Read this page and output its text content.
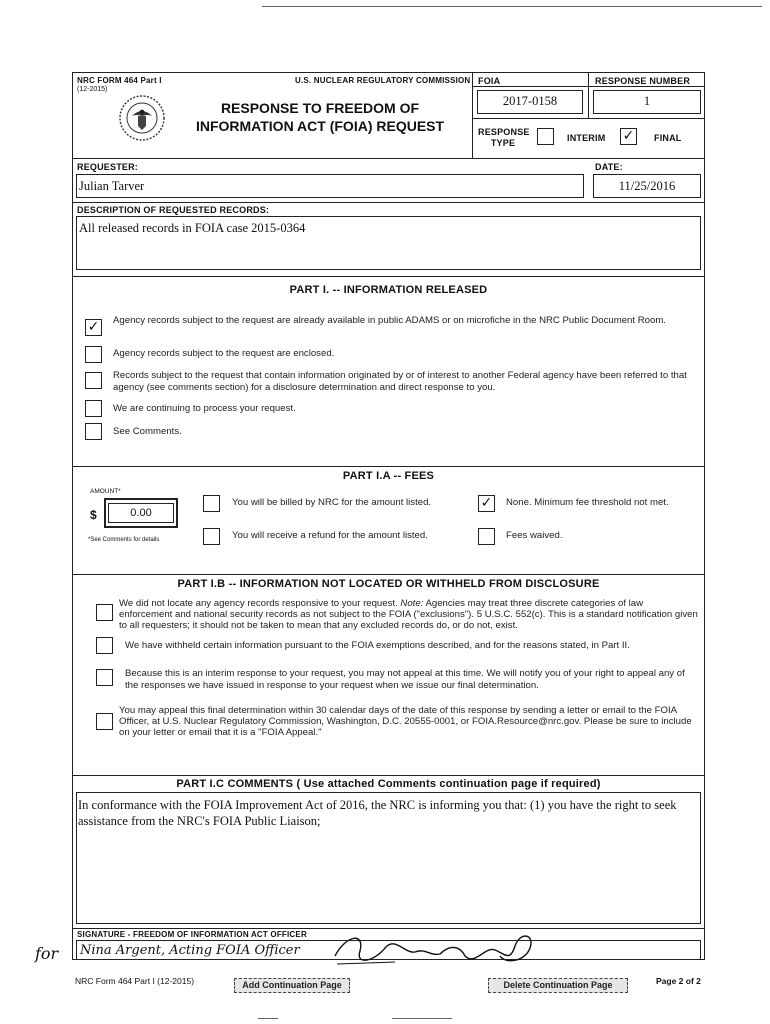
NRC FORM 464 Part I
(12-2015)
U.S. NUCLEAR REGULATORY COMMISSION
RESPONSE TO FREEDOM OF
INFORMATION ACT (FOIA) REQUEST
FOIA	RESPONSE NUMBER
2017-0158	1
RESPONSE
TYPE	INTERIM ✓ FINAL
REQUESTER:	DATE:
Julian Tarver	11/25/2016
DESCRIPTION OF REQUESTED RECORDS:
All released records in FOIA case 2015-0364
PART I. -- INFORMATION RELEASED
✓ Agency records subject to the request are already available in public ADAMS or on microfiche in the NRC Public Document Room.
Agency records subject to the request are enclosed.
Records subject to the request that contain information originated by or of interest to another Federal agency have been referred to that agency (see comments section) for a disclosure determination and direct response to you.
We are continuing to process your request.
See Comments.
PART I.A -- FEES
AMOUNT*
$	0.00
*See Comments for details
You will be billed by NRC for the amount listed.
You will receive a refund for the amount listed.
✓ None. Minimum fee threshold not met.
Fees waived.
PART I.B -- INFORMATION NOT LOCATED OR WITHHELD FROM DISCLOSURE
We did not locate any agency records responsive to your request. Note: Agencies may treat three discrete categories of law enforcement and national security records as not subject to the FOIA ("exclusions"). 5 U.S.C. 552(c). This is a standard notification given to all requesters; it should not be taken to mean that any excluded records do, or do not, exist.
We have withheld certain information pursuant to the FOIA exemptions described, and for the reasons stated, in Part II.
Because this is an interim response to your request, you may not appeal at this time. We will notify you of your right to appeal any of the responses we have issued in response to your request when we issue our final determination.
You may appeal this final determination within 30 calendar days of the date of this response by sending a letter or email to the FOIA Officer, at U.S. Nuclear Regulatory Commission, Washington, D.C. 20555-0001, or FOIA.Resource@nrc.gov. Please be sure to include on your letter or email that it is a "FOIA Appeal."
PART I.C COMMENTS ( Use attached Comments continuation page if required)
In conformance with the FOIA Improvement Act of 2016, the NRC is informing you that: (1) you have the right to seek assistance from the NRC's FOIA Public Liaison;
SIGNATURE - FREEDOM OF INFORMATION ACT OFFICER
Nina Argent, Acting FOIA Officer
for
NRC Form 464 Part I (12-2015)	Add Continuation Page	Delete Continuation Page	Page 2 of 2
